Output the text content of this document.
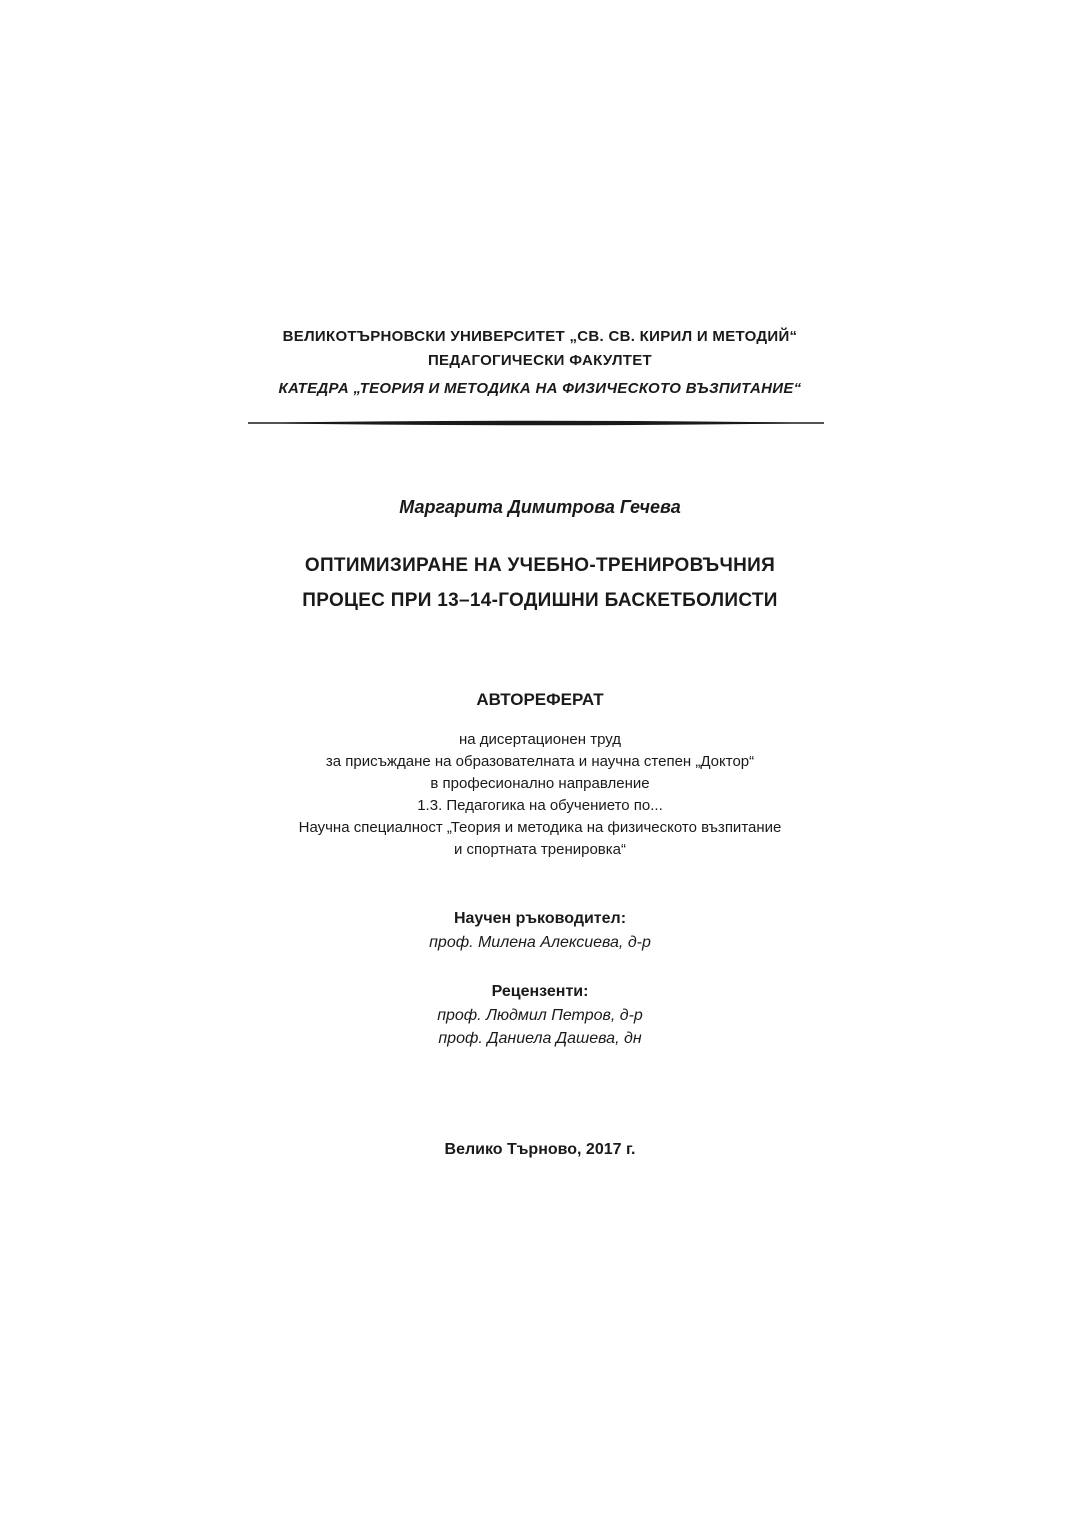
ВЕЛИКОТЪРНОВСКИ УНИВЕРСИТЕТ „СВ. СВ. КИРИЛ И МЕТОДИЙ“
ПЕДАГОГИЧЕСКИ ФАКУЛТЕТ
КАТЕДРА „ТЕОРИЯ И МЕТОДИКА НА ФИЗИЧЕСКОТО ВЪЗПИТАНИЕ“
Маргарита Димитрова Гечева
ОПТИМИЗИРАНЕ НА УЧЕБНО-ТРЕНИРОВЪЧНИЯ
ПРОЦЕС ПРИ 13–14-ГОДИШНИ БАСКЕТБОЛИСТИ
АВТОРЕФЕРАТ
на дисертационен труд
за присъждане на образователната и научна степен „Доктор“
в професионално направление
1.3. Педагогика на обучението по...
Научна специалност „Теория и методика на физическото възпитание
и спортната тренировка“
Научен ръководител:
проф. Милена Алексиева, д-р
Рецензенти:
проф. Людмил Петров, д-р
проф. Даниела Дашева, дн
Велико Търново, 2017 г.
